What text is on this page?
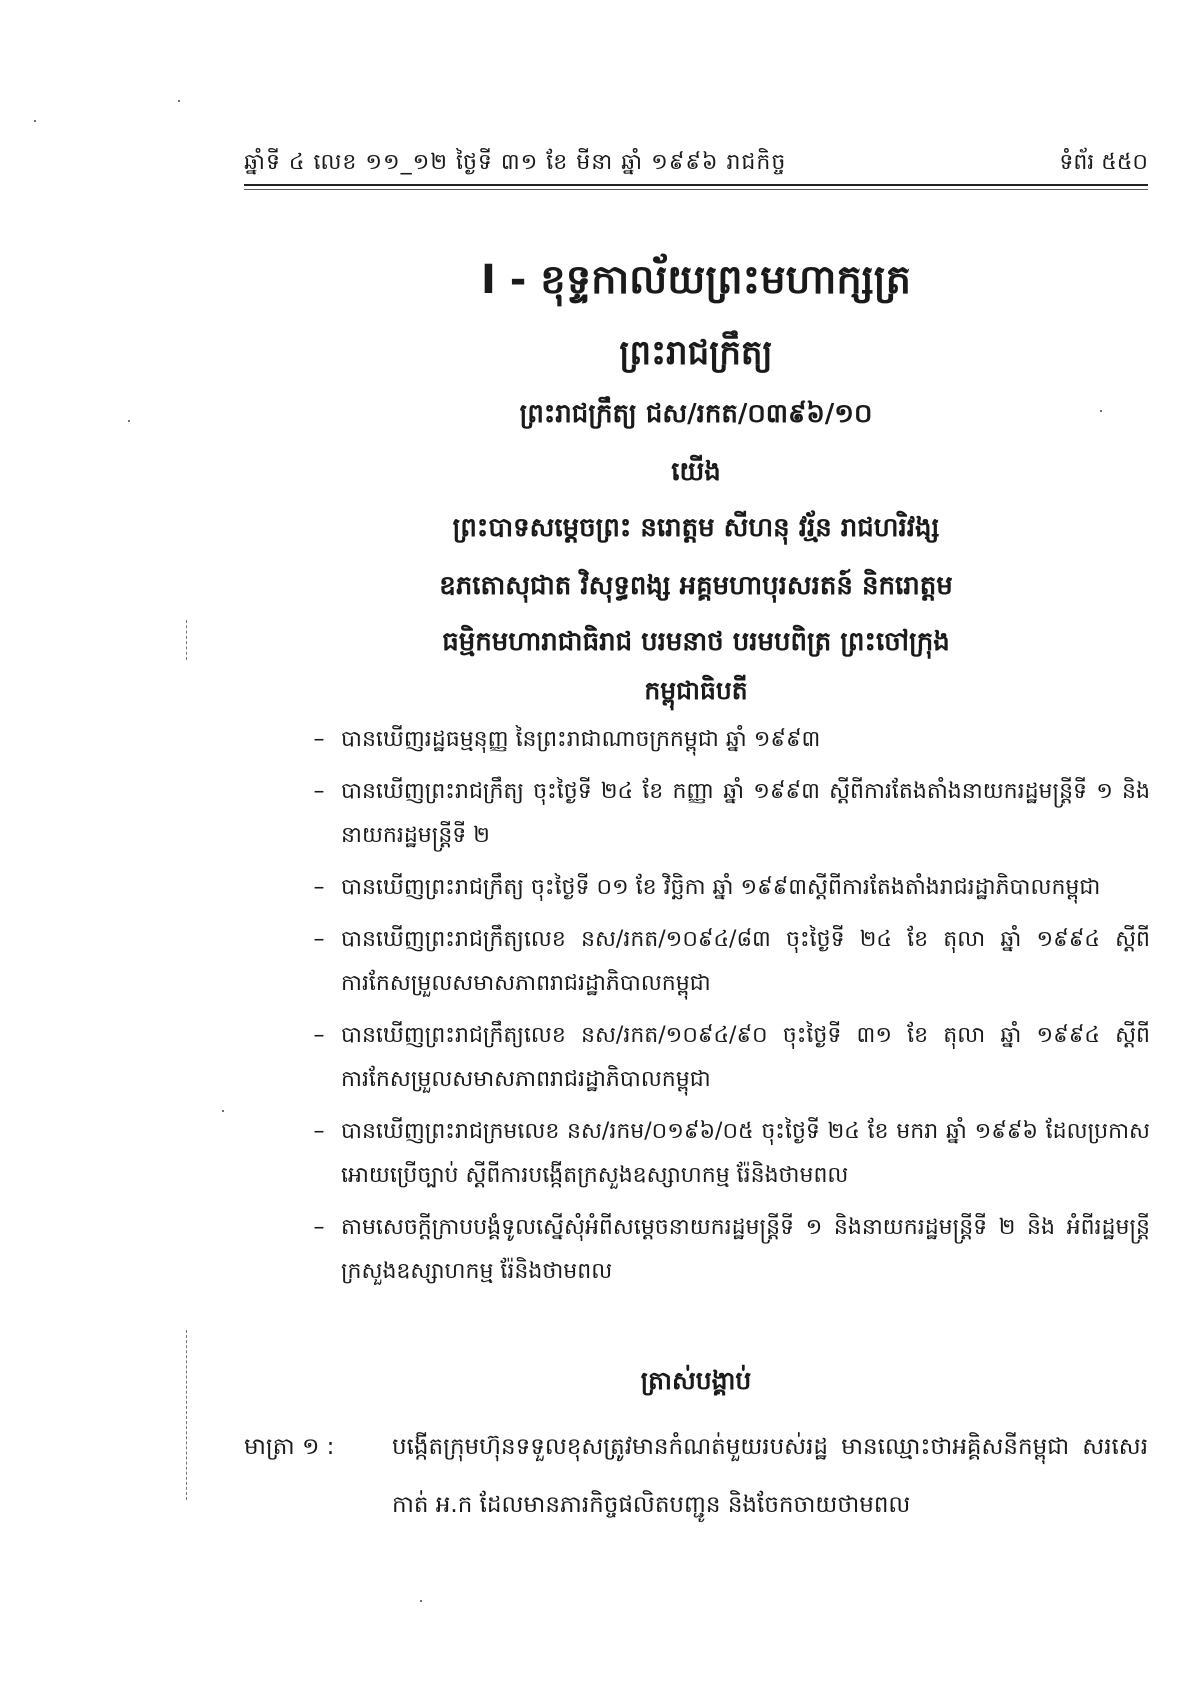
ឆ្នាំទី ៤ លេខ ១១_១២ ថ្ងៃទី ៣១ ខែ មីនា ឆ្នាំ ១៩៩៦ រាជកិច្ច	ទំព័រ ៥៥០
I - ខុទ្ទកាល័យព្រះមហាក្សត្រ
ព្រះរាជក្រឹត្យ
ព្រះរាជក្រឹត្យ ជស/រកត/០៣៩៦/១០
យើង
ព្រះបាទសម្តេចព្រះ នរោត្តម សីហនុ វរ្ម័ន រាជហរិវង្ស
ឧភតោសុជាត វិសុទ្ធពង្ស អគ្គមហាបុរសរតន៍ និករោត្តម
ធម្មិកមហារាជាធិរាជ បរមនាថ បរមបពិត្រ ព្រះចៅក្រុង
កម្ពុជាធិបតី
– បានឃើញរដ្ឋធម្មនុញ្ញ នៃព្រះរាជាណាចក្រកម្ពុជា ឆ្នាំ ១៩៩៣
– បានឃើញព្រះរាជក្រឹត្យ ចុះថ្ងៃទី ២៤ ខែ កញ្ញា ឆ្នាំ ១៩៩៣ ស្តីពីការតែងតាំងនាយករដ្ឋមន្ត្រីទី ១ និងនាយករដ្ឋមន្ត្រីទី ២
– បានឃើញព្រះរាជក្រឹត្យ ចុះថ្ងៃទី ០១ ខែ វិច្ឆិកា ឆ្នាំ ១៩៩៣ស្តីពីការតែងតាំងរាជរដ្ឋាភិបាលកម្ពុជា
– បានឃើញព្រះរាជក្រឹត្យលេខ នស/រកត/១០៩៤/៨៣ ចុះថ្ងៃទី ២៤ ខែ តុលា ឆ្នាំ ១៩៩៤ ស្តីពីការកែសម្រួលសមាសភាពរាជរដ្ឋាភិបាលកម្ពុជា
– បានឃើញព្រះរាជក្រឹត្យលេខ នស/រកត/១០៩៤/៩០ ចុះថ្ងៃទី ៣១ ខែ តុលា ឆ្នាំ ១៩៩៤ ស្តីពីការកែសម្រួលសមាសភាពរាជរដ្ឋាភិបាលកម្ពុជា
– បានឃើញព្រះរាជក្រមលេខ នស/រកម/០១៩៦/០៥ ចុះថ្ងៃទី ២៤ ខែ មករា ឆ្នាំ ១៩៩៦ ដែលប្រកាសអោយប្រើច្បាប់ ស្តីពីការបង្កើតក្រសួងឧស្សាហកម្ម រ៉ែនិងថាមពល
– តាមសេចក្តីក្រាបបង្គំទូលស្នើសុំអំពីសម្តេចនាយករដ្ឋមន្ត្រីទី ១ និងនាយករដ្ឋមន្ត្រីទី ២ និង អំពីរដ្ឋមន្ត្រីក្រសួងឧស្សាហកម្ម រ៉ែនិងថាមពល
ត្រាស់បង្គាប់
មាត្រា ១ :	បង្កើតក្រុមហ៊ុនទទួលខុសត្រូវមានកំណត់មួយរបស់រដ្ឋ មានឈ្មោះថាអគ្គិសនីកម្ពុជា សរសេរ កាត់ អ.ក ដែលមានភារកិច្ចផលិតបញ្ជូន និងចែកចាយថាមពល
